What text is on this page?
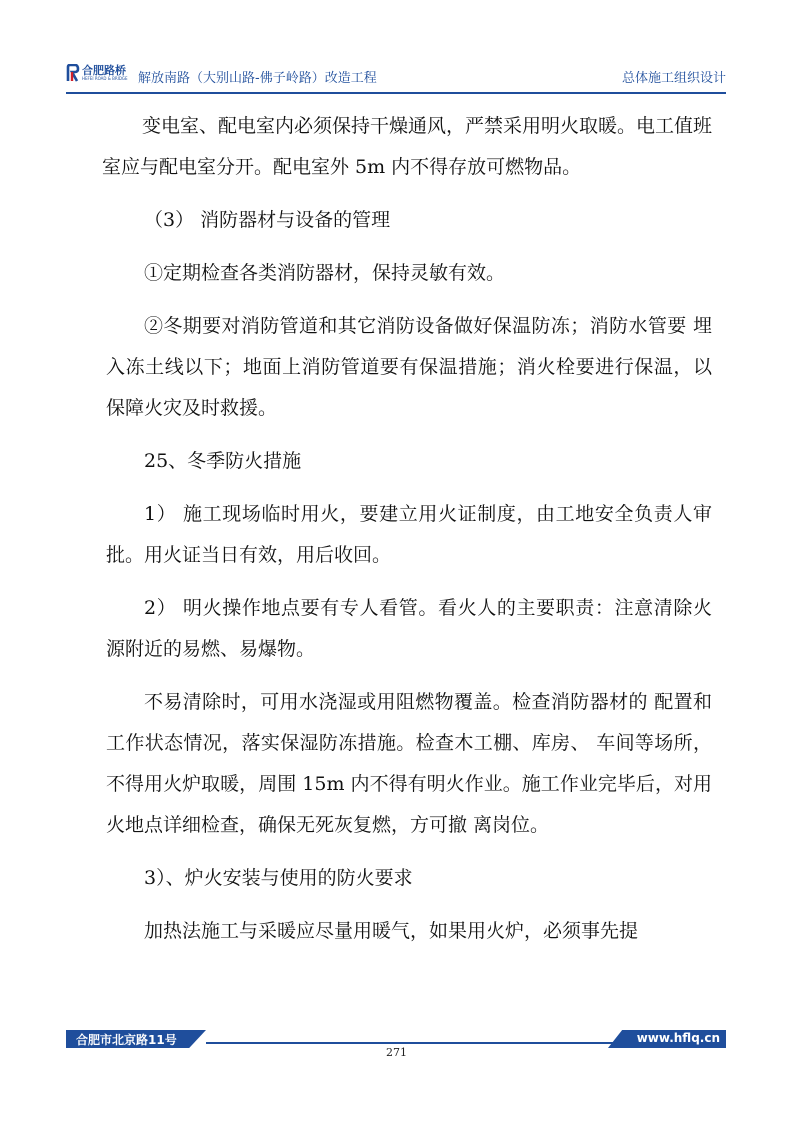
合肥路桥
HEFEI ROAD & BRIDGE 解放南路（大别山路-佛子岭路）改造工程	总体施工组织设计

变电室、配电室内必须保持干燥通风，严禁采用明火取暖。电工值班室应与配电室分开。配电室外 5m 内不得存放可燃物品。

（3） 消防器材与设备的管理

①定期检查各类消防器材，保持灵敏有效。

②冬期要对消防管道和其它消防设备做好保温防冻；消防水管要 埋入冻土线以下；地面上消防管道要有保温措施；消火栓要进行保温，以保障火灾及时救援。

25、冬季防火措施

1） 施工现场临时用火，要建立用火证制度，由工地安全负责人审批。用火证当日有效，用后收回。

2） 明火操作地点要有专人看管。看火人的主要职责：注意清除火源附近的易燃、易爆物。

不易清除时，可用水浇湿或用阻燃物覆盖。检查消防器材的 配置和工作状态情况，落实保湿防冻措施。检查木工棚、库房、 车间等场所，不得用火炉取暖，周围 15m 内不得有明火作业。施工作业完毕后，对用火地点详细检查，确保无死灰复燃，方可撤 离岗位。

3）、炉火安装与使用的防火要求

加热法施工与采暖应尽量用暖气，如果用火炉，必须事先提

合肥市北京路11号	www.hflq.cn
271
